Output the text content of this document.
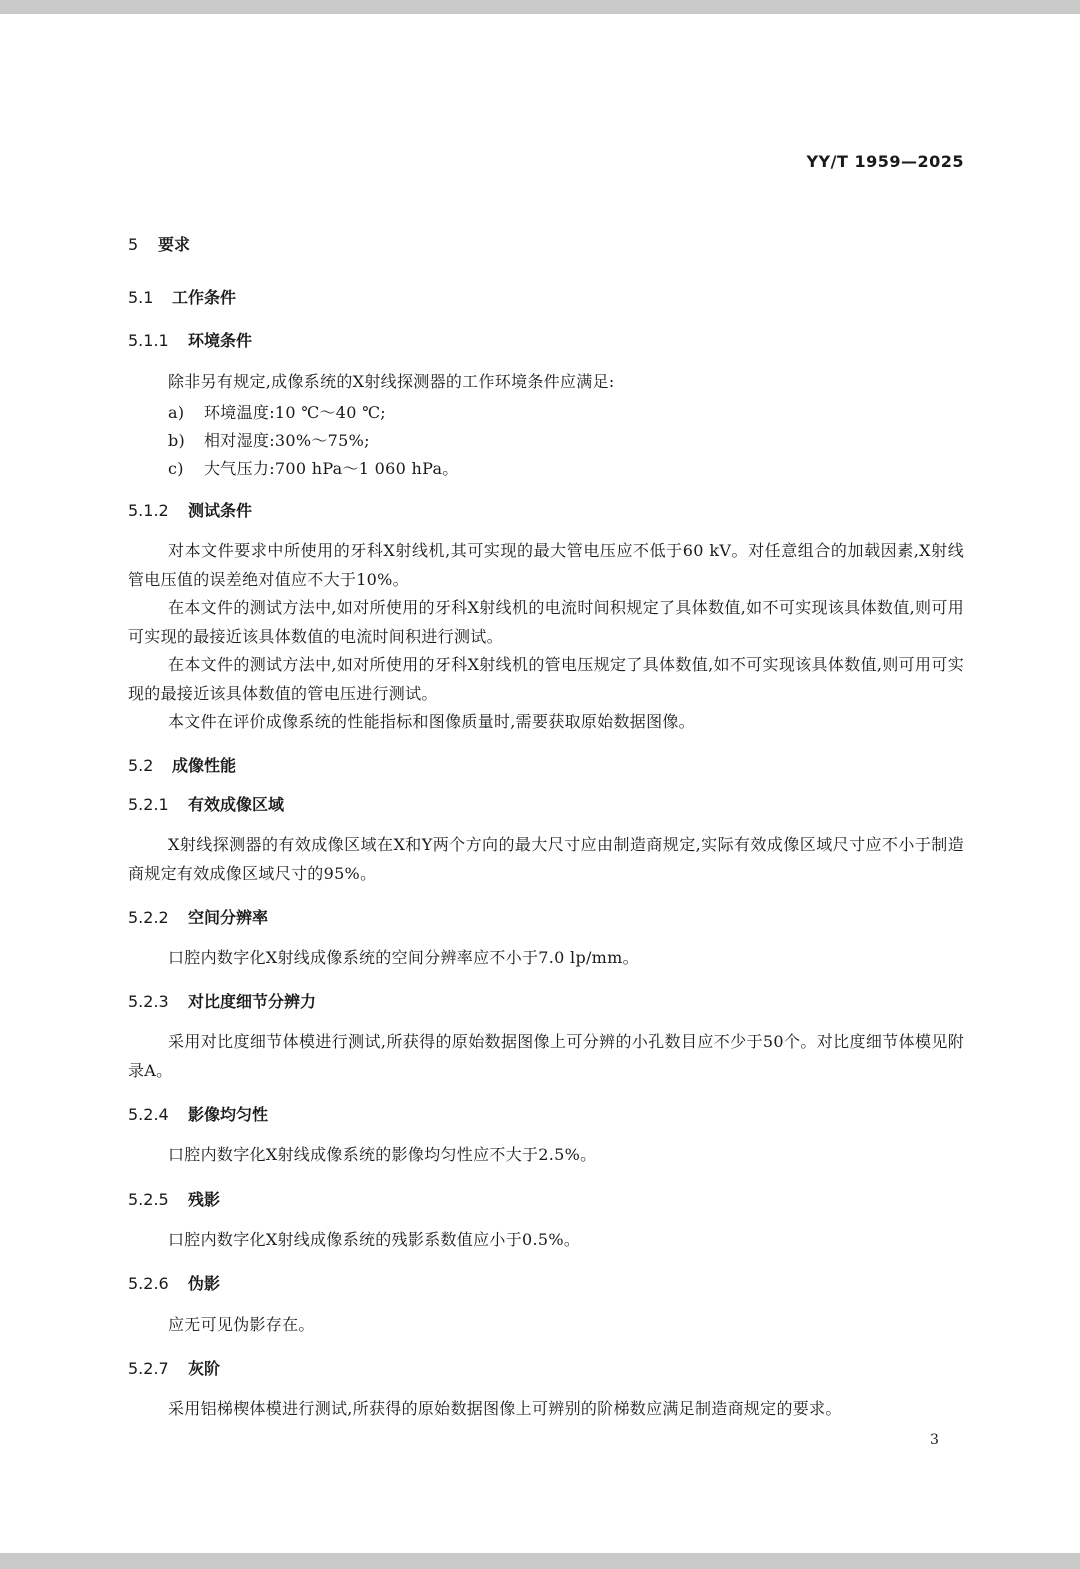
YY/T 1959—2025
5 要求
5.1 工作条件
5.1.1 环境条件

除非另有规定,成像系统的X射线探测器的工作环境条件应满足:

a) 环境温度:10 ℃～40 ℃;
b) 相对湿度:30%～75%;
c) 大气压力:700 hPa～1 060 hPa。
5.1.2 测试条件

对本文件要求中所使用的牙科X射线机,其可实现的最大管电压应不低于60 kV。对任意组合的加载因素,X射线管电压值的误差绝对值应不大于10%。

在本文件的测试方法中,如对所使用的牙科X射线机的电流时间积规定了具体数值,如不可实现该具体数值,则可用可实现的最接近该具体数值的电流时间积进行测试。

在本文件的测试方法中,如对所使用的牙科X射线机的管电压规定了具体数值,如不可实现该具体数值,则可用可实现的最接近该具体数值的管电压进行测试。

本文件在评价成像系统的性能指标和图像质量时,需要获取原始数据图像。

5.2 成像性能
5.2.1 有效成像区域

X射线探测器的有效成像区域在X和Y两个方向的最大尺寸应由制造商规定,实际有效成像区域尺寸应不小于制造商规定有效成像区域尺寸的95%。

5.2.2 空间分辨率

口腔内数字化X射线成像系统的空间分辨率应不小于7.0 lp/mm。

5.2.3 对比度细节分辨力

采用对比度细节体模进行测试,所获得的原始数据图像上可分辨的小孔数目应不少于50个。对比度细节体模见附录A。

5.2.4 影像均匀性

口腔内数字化X射线成像系统的影像均匀性应不大于2.5%。

5.2.5 残影

口腔内数字化X射线成像系统的残影系数值应小于0.5%。

5.2.6 伪影

应无可见伪影存在。

5.2.7 灰阶

采用铝梯楔体模进行测试,所获得的原始数据图像上可辨别的阶梯数应满足制造商规定的要求。

3
